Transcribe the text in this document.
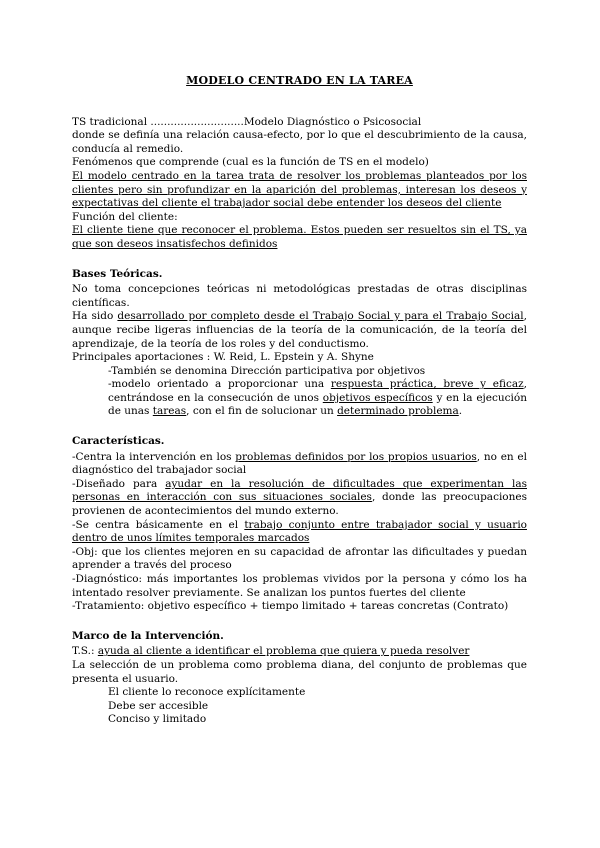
MODELO CENTRADO EN LA TAREA

TS tradicional ............................Modelo Diagnóstico o Psicosocial

donde se definía una relación causa-efecto, por lo que el descubrimiento de la causa, conducía al remedio.

Fenómenos que comprende (cual es la función de TS en el modelo)

El modelo centrado en la tarea trata de resolver los problemas planteados por los clientes pero sin profundizar en la aparición del problemas, interesan los deseos y expectativas del cliente el trabajador social debe entender los deseos del cliente

Función del cliente:

El cliente tiene que reconocer el problema. Estos pueden ser resueltos sin el TS, ya que son deseos insatisfechos definidos

Bases Teóricas.

No toma concepciones teóricas ni metodológicas prestadas de otras disciplinas científicas.

Ha sido desarrollado por completo desde el Trabajo Social y para el Trabajo Social, aunque recibe ligeras influencias de la teoría de la comunicación, de la teoría del aprendizaje, de la teoría de los roles y del conductismo.

Principales aportaciones : W. Reid, L. Epstein y A. Shyne

-También se denomina Dirección participativa por objetivos

-modelo orientado a proporcionar una respuesta práctica, breve y eficaz, centrándose en la consecución de unos objetivos específicos y en la ejecución de unas tareas, con el fin de solucionar un determinado problema.

Características.

-Centra la intervención en los problemas definidos por los propios usuarios, no en el diagnóstico del trabajador social

-Diseñado para ayudar en la resolución de dificultades que experimentan las personas en interacción con sus situaciones sociales, donde las preocupaciones provienen de acontecimientos del mundo externo.

-Se centra básicamente en el trabajo conjunto entre trabajador social y usuario dentro de unos límites temporales marcados

-Obj: que los clientes mejoren en su capacidad de afrontar las dificultades y puedan aprender a través del proceso

-Diagnóstico: más importantes los problemas vividos por la persona y cómo los ha intentado resolver previamente. Se analizan los puntos fuertes del cliente

-Tratamiento: objetivo específico + tiempo limitado + tareas concretas (Contrato)

Marco de la Intervención.

T.S.: ayuda al cliente a identificar el problema que quiera y pueda resolver

La selección de un problema como problema diana, del conjunto de problemas que presenta el usuario.

El cliente lo reconoce explícitamente

Debe ser accesible

Conciso y limitado
